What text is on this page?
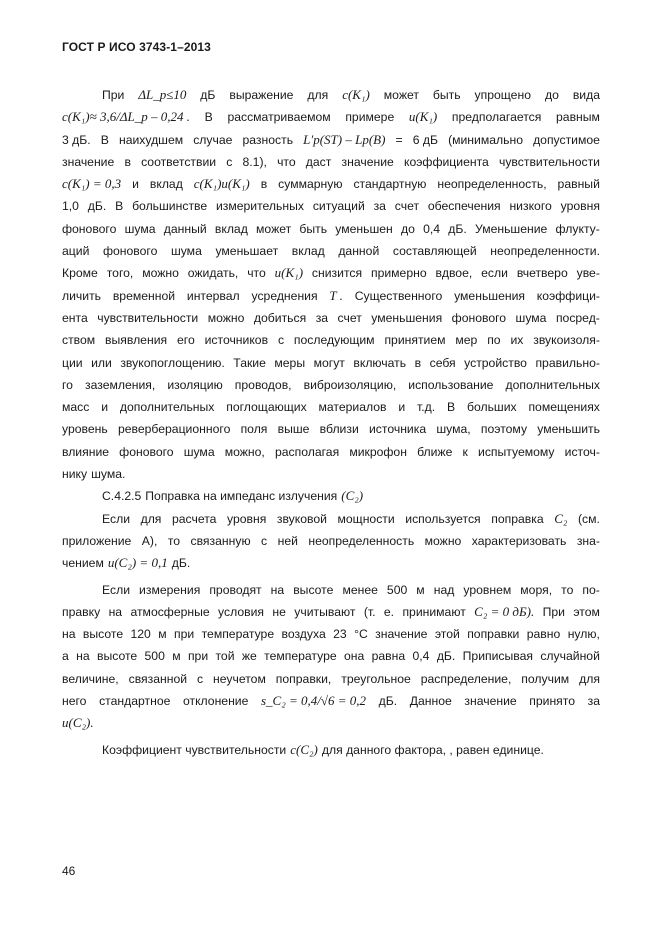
ГОСТ Р ИСО 3743-1–2013
При ΔL_p≤10 дБ выражение для c(K₁) может быть упрощено до вида
c(K₁)≈ 3,6/ΔL_p – 0,24 . В рассматриваемом примере u(K₁) предполагается равным
3 дБ. В наихудшем случае разность L′p(ST) – Lp(B) = 6 дБ (минимально допустимое
значение в соответствии с 8.1), что даст значение коэффициента чувствительности
c(K₁) = 0,3 и вклад c(K₁)u(K₁) в суммарную стандартную неопределенность, равный
1,0 дБ. В большинстве измерительных ситуаций за счет обеспечения низкого уровня
фонового шума данный вклад может быть уменьшен до 0,4 дБ. Уменьшение флукту-
аций фонового шума уменьшает вклад данной составляющей неопределенности.
Кроме того, можно ожидать, что u(K₁) снизится примерно вдвое, если вчетверо уве-
личить временной интервал усреднения T . Существенного уменьшения коэффици-
ента чувствительности можно добиться за счет уменьшения фонового шума посред-
ством выявления его источников с последующим принятием мер по их звукоизоля-
ции или звукопоглощению. Такие меры могут включать в себя устройство правильно-
го заземления, изоляцию проводов, виброизоляцию, использование дополнительных
масс и дополнительных поглощающих материалов и т.д. В больших помещениях
уровень реверберационного поля выше вблизи источника шума, поэтому уменьшить
влияние фонового шума можно, располагая микрофон ближе к испытуемому источ-
нику шума.
С.4.2.5 Поправка на импеданс излучения (C₂)
Если для расчета уровня звуковой мощности используется поправка C₂ (см.
приложение А), то связанную с ней неопределенность можно характеризовать зна-
чением u(C₂) = 0,1 дБ.
Если измерения проводят на высоте менее 500 м над уровнем моря, то по-
правку на атмосферные условия не учитывают (т. е. принимают C₂ = 0 дБ). При этом
на высоте 120 м при температуре воздуха 23 °С значение этой поправки равно нулю,
а на высоте 500 м при той же температуре она равна 0,4 дБ. Приписывая случайной
величине, связанной с неучетом поправки, треугольное распределение, получим для
него стандартное отклонение s_C₂ = 0,4/√6 = 0,2 дБ. Данное значение принято за
u(C₂).
Коэффициент чувствительности c(C₂) для данного фактора, , равен единице.
46
